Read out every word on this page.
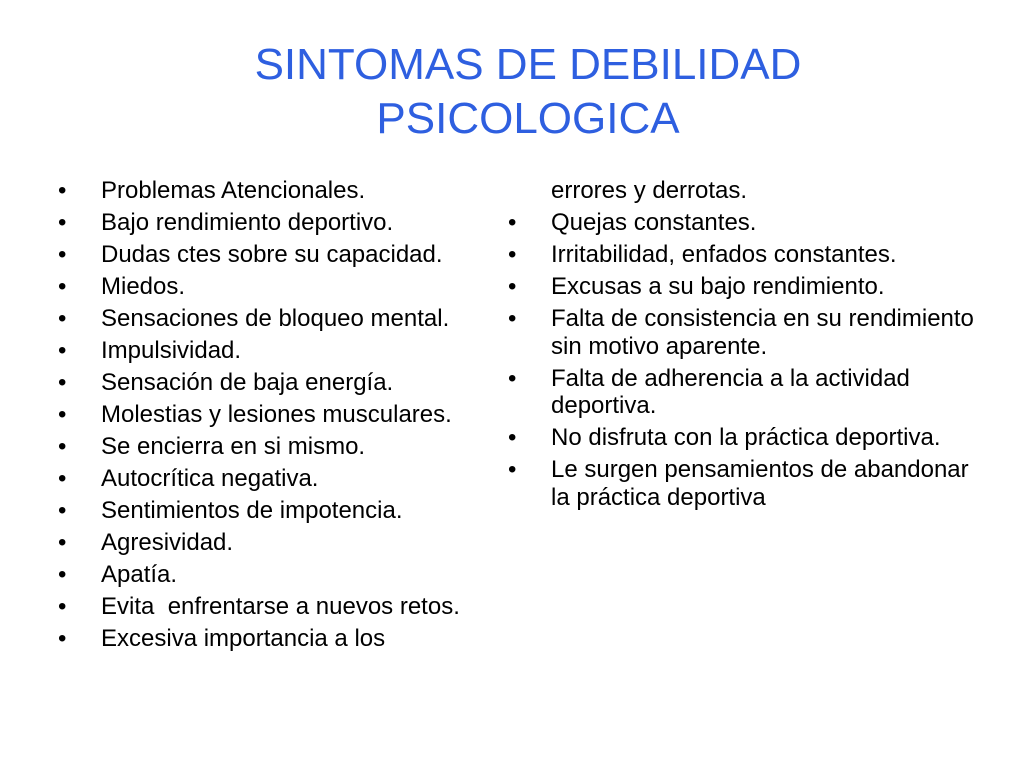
SINTOMAS DE DEBILIDAD
PSICOLOGICA
•	Problemas Atencionales.
•	Bajo rendimiento deportivo.
•	Dudas ctes sobre su capacidad.
•	Miedos.
•	Sensaciones de bloqueo mental.
•	Impulsividad.
•	Sensación de baja energía.
•	Molestias y lesiones musculares.
•	Se encierra en si mismo.
•	Autocrítica negativa.
•	Sentimientos de impotencia.
•	Agresividad.
•	Apatía.
•	Evita  enfrentarse a nuevos retos.
•	Excesiva importancia a los
errores y derrotas.
•	Quejas constantes.
•	Irritabilidad, enfados constantes.
•	Excusas a su bajo rendimiento.
•	Falta de consistencia en su rendimiento sin motivo aparente.
•	Falta de adherencia a la actividad deportiva.
•	No disfruta con la práctica deportiva.
•	Le surgen pensamientos de abandonar la práctica deportiva
